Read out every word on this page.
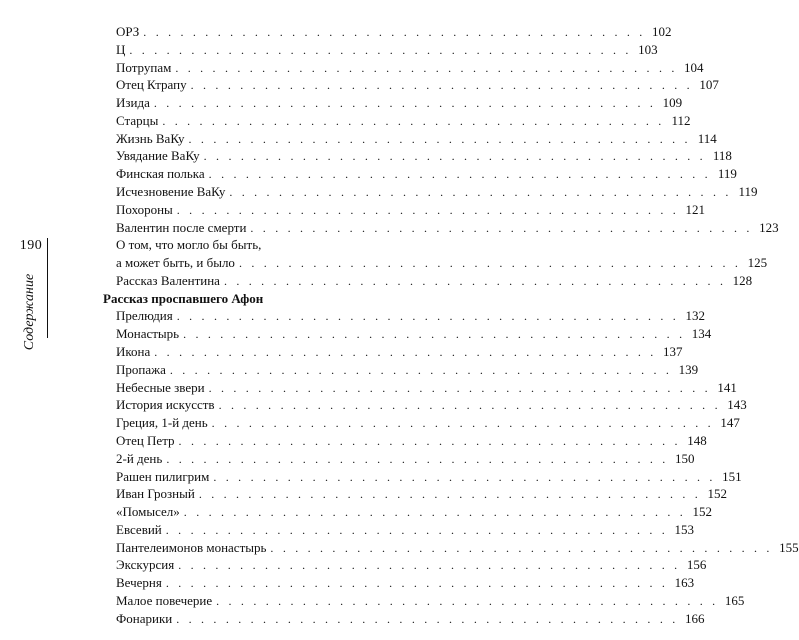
190
Содержание
ОРЗ . . . . . . . . . . . . . . . . . . . . . . . . . . . . . . . . . . . . . . . . . 102
Ц . . . . . . . . . . . . . . . . . . . . . . . . . . . . . . . . . . . . . . . . . 103
Потрупам . . . . . . . . . . . . . . . . . . . . . . . . . . . . . . . . . . . . . . . . . 104
Отец Ктрапу . . . . . . . . . . . . . . . . . . . . . . . . . . . . . . . . . . . . . . . . . 107
Изида . . . . . . . . . . . . . . . . . . . . . . . . . . . . . . . . . . . . . . . . . 109
Старцы . . . . . . . . . . . . . . . . . . . . . . . . . . . . . . . . . . . . . . . . . 112
Жизнь ВаКу . . . . . . . . . . . . . . . . . . . . . . . . . . . . . . . . . . . . . . . . . 114
Увядание ВаКу . . . . . . . . . . . . . . . . . . . . . . . . . . . . . . . . . . . . . . . . . 118
Финская полька . . . . . . . . . . . . . . . . . . . . . . . . . . . . . . . . . . . . . . . . . 119
Исчезновение ВаКу . . . . . . . . . . . . . . . . . . . . . . . . . . . . . . . . . . . . . . . . . 119
Похороны . . . . . . . . . . . . . . . . . . . . . . . . . . . . . . . . . . . . . . . . . 121
Валентин после смерти . . . . . . . . . . . . . . . . . . . . . . . . . . . . . . . . . . . . . . . . . 123
О том, что могло бы быть,
а может быть, и было . . . . . . . . . . . . . . . . . . . . . . . . . . . . . . . . . . . . . . . . . 125
Рассказ Валентина . . . . . . . . . . . . . . . . . . . . . . . . . . . . . . . . . . . . . . . . . 128
Рассказ проспавшего Афон
Прелюдия . . . . . . . . . . . . . . . . . . . . . . . . . . . . . . . . . . . . . . . . . 132
Монастырь . . . . . . . . . . . . . . . . . . . . . . . . . . . . . . . . . . . . . . . . . 134
Икона . . . . . . . . . . . . . . . . . . . . . . . . . . . . . . . . . . . . . . . . . 137
Пропажа . . . . . . . . . . . . . . . . . . . . . . . . . . . . . . . . . . . . . . . . . 139
Небесные звери . . . . . . . . . . . . . . . . . . . . . . . . . . . . . . . . . . . . . . . . . 141
История искусств . . . . . . . . . . . . . . . . . . . . . . . . . . . . . . . . . . . . . . . . . 143
Греция, 1-й день . . . . . . . . . . . . . . . . . . . . . . . . . . . . . . . . . . . . . . . . . 147
Отец Петр . . . . . . . . . . . . . . . . . . . . . . . . . . . . . . . . . . . . . . . . . 148
2-й день . . . . . . . . . . . . . . . . . . . . . . . . . . . . . . . . . . . . . . . . . 150
Рашен пилигрим . . . . . . . . . . . . . . . . . . . . . . . . . . . . . . . . . . . . . . . . . 151
Иван Грозный . . . . . . . . . . . . . . . . . . . . . . . . . . . . . . . . . . . . . . . . . 152
«Помысел» . . . . . . . . . . . . . . . . . . . . . . . . . . . . . . . . . . . . . . . . . 152
Евсевий . . . . . . . . . . . . . . . . . . . . . . . . . . . . . . . . . . . . . . . . . 153
Пантелеимонов монастырь . . . . . . . . . . . . . . . . . . . . . . . . . . . . . . . . . . . . . . . . . 155
Экскурсия . . . . . . . . . . . . . . . . . . . . . . . . . . . . . . . . . . . . . . . . . 156
Вечерня . . . . . . . . . . . . . . . . . . . . . . . . . . . . . . . . . . . . . . . . . 163
Малое повечерие . . . . . . . . . . . . . . . . . . . . . . . . . . . . . . . . . . . . . . . . . 165
Фонарики . . . . . . . . . . . . . . . . . . . . . . . . . . . . . . . . . . . . . . . . . 166
